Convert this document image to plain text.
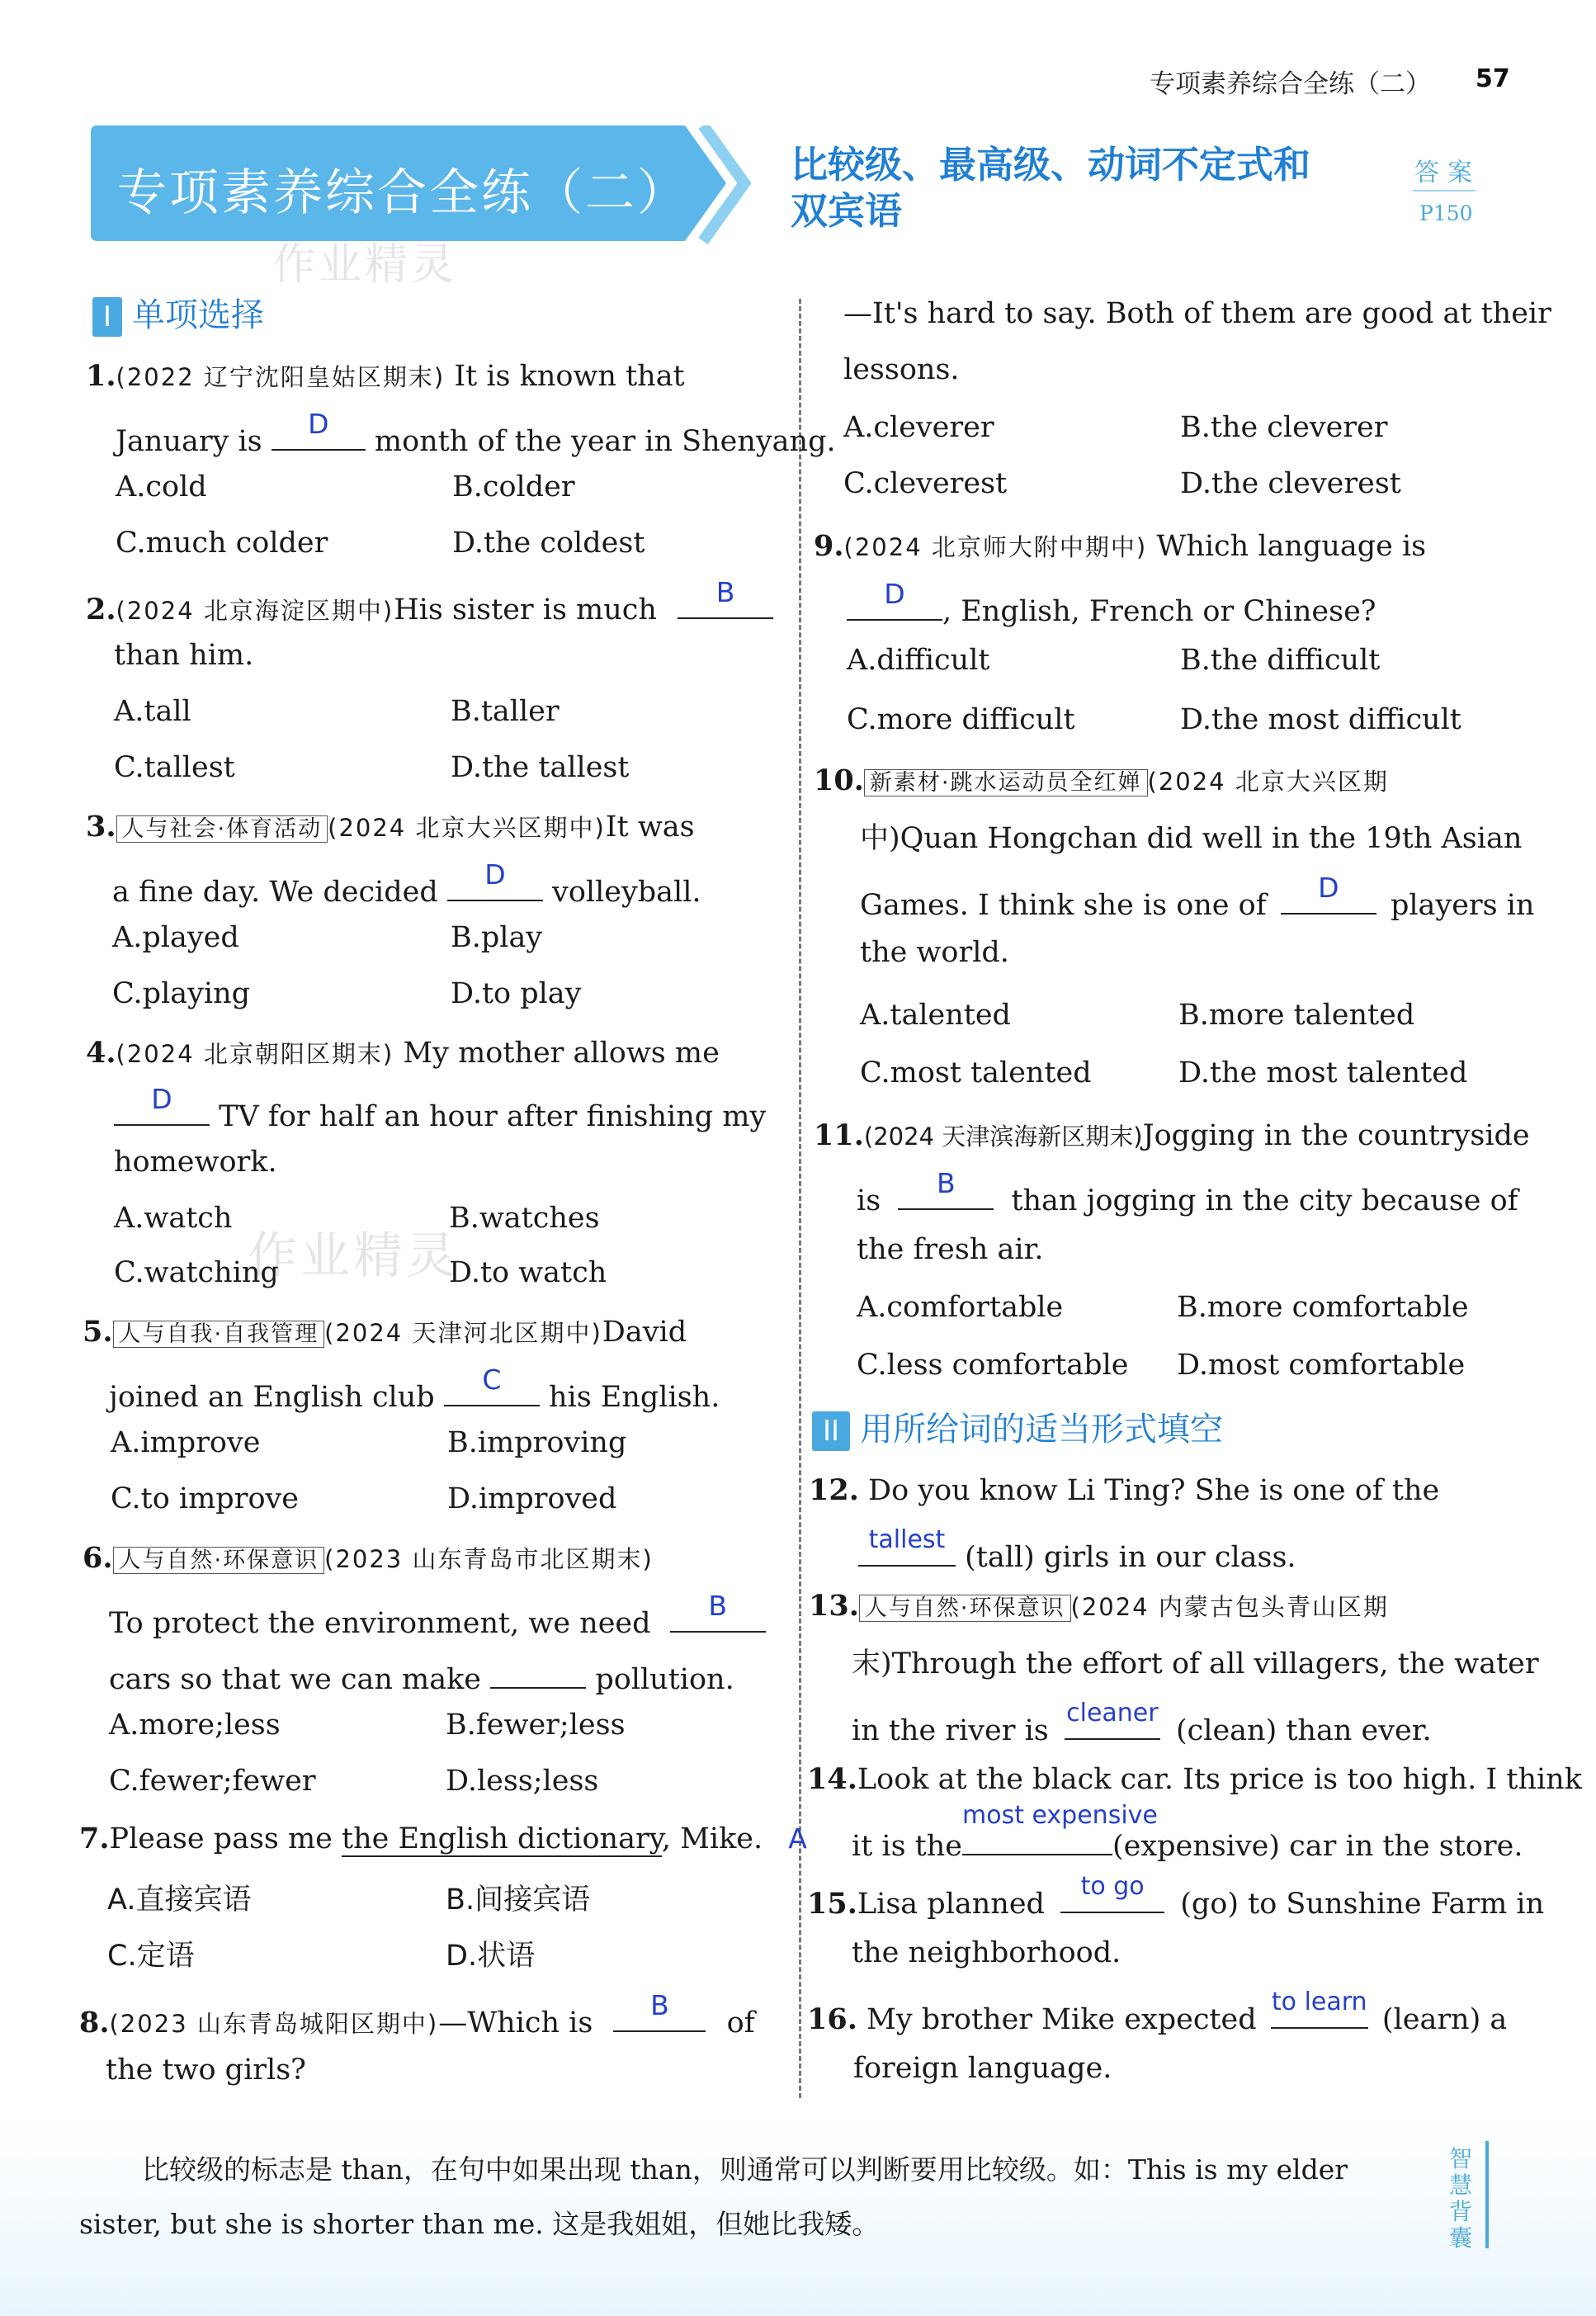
专项素养综合全练（二） 57
专项素养综合全练（二）
作业精灵
比较级、最高级、动词不定式和
双宾语
答案
P150
I 单项选择
1.(2022 辽宁沈阳皇姑区期末) It is known that
January is
D
month of the year in Shenyang.
A.cold	B.colder
C.much colder	D.the coldest
2.(2024 北京海淀区期中)His sister is much
B
than him.
A.tall	B.taller
C.tallest	D.the tallest
3. 人与社会·体育活动 (2024 北京大兴区期中)It was
a fine day. We decided
D
volleyball.
A.played	B.play
C.playing	D.to play
4.(2024 北京朝阳区期末) My mother allows me
D
TV for half an hour after finishing my
homework.
作业精灵
A.watch	B.watches
C.watching	D.to watch
5. 人与自我·自我管理 (2024 天津河北区期中)David
joined an English club
C
his English.
A.improve	B.improving
C.to improve	D.improved
6. 人与自然·环保意识 (2023 山东青岛市北区期末)
To protect the environment, we need
B
cars so that we can make	pollution.
A.more;less	B.fewer;less
C.fewer;fewer	D.less;less
7.Please pass me the English dictionary, Mike. A
A.直接宾语	B.间接宾语
C.定语	D.状语
8.(2023 山东青岛城阳区期中)—Which is
B
of
the two girls?
—It's hard to say. Both of them are good at their
lessons.
A.cleverer	B.the cleverer
C.cleverest	D.the cleverest
9.(2024 北京师大附中期中) Which language is
D
, English, French or Chinese?
A.difficult	B.the difficult
C.more difficult	D.the most difficult
10. 新素材·跳水运动员全红婵 (2024 北京大兴区期
中)Quan Hongchan did well in the 19th Asian
Games. I think she is one of
D
players in
the world.
A.talented	B.more talented
C.most talented	D.the most talented
11.(2024 天津滨海新区期末)Jogging in the countryside
is
B
than jogging in the city because of
the fresh air.
A.comfortable	B.more comfortable
C.less comfortable D.most comfortable
II 用所给词的适当形式填空
12. Do you know Li Ting? She is one of the
tallest
(tall) girls in our class.
13. 人与自然·环保意识 (2024 内蒙古包头青山区期
末)Through the effort of all villagers, the water
in the river is
cleaner
(clean) than ever.
14.Look at the black car. Its price is too high. I think
it is the
most expensive
(expensive) car in the store.
15.Lisa planned
to go
(go) to Sunshine Farm in
the neighborhood.
16. My brother Mike expected
to learn
(learn) a
foreign language.
比较级的标志是 than，在句中如果出现 than，则通常可以判断要用比较级。如：This is my elder
sister, but she is shorter than me. 这是我姐姐，但她比我矮。
智慧背囊
